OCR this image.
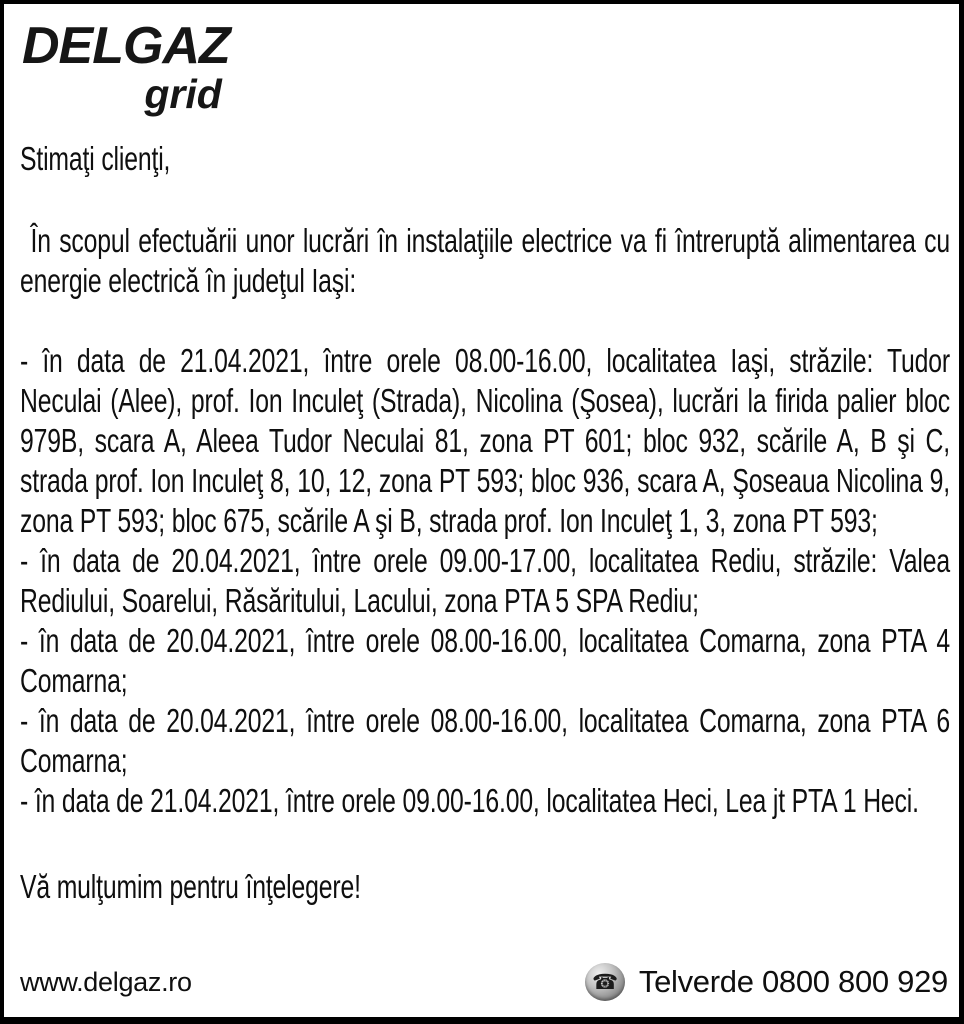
DELGAZ
grid

Stimaţi clienţi,

În scopul efectuării unor lucrări în instalaţiile electrice va fi întreruptă alimentarea cu energie electrică în judeţul Iaşi:

- în data de 21.04.2021, între orele 08.00-16.00, localitatea Iaşi, străzile: Tudor Neculai (Alee), prof. Ion Inculeţ (Strada), Nicolina (Şosea), lucrări la firida palier bloc 979B, scara A, Aleea Tudor Neculai 81, zona PT 601; bloc 932, scările A, B şi C, strada prof. Ion Inculeţ 8, 10, 12, zona PT 593; bloc 936, scara A, Şoseaua Nicolina 9, zona PT 593; bloc 675, scările A şi B, strada prof. Ion Inculeţ 1, 3, zona PT 593;

- în data de 20.04.2021, între orele 09.00-17.00, localitatea Rediu, străzile: Valea Rediului, Soarelui, Răsăritului, Lacului, zona PTA 5 SPA Rediu;

- în data de 20.04.2021, între orele 08.00-16.00, localitatea Comarna, zona PTA 4 Comarna;

- în data de 20.04.2021, între orele 08.00-16.00, localitatea Comarna, zona PTA 6 Comarna;

- în data de 21.04.2021, între orele 09.00-16.00, localitatea Heci, Lea jt PTA 1 Heci.

Vă mulţumim pentru înţelegere!

www.delgaz.ro	☎ Telverde 0800 800 929
